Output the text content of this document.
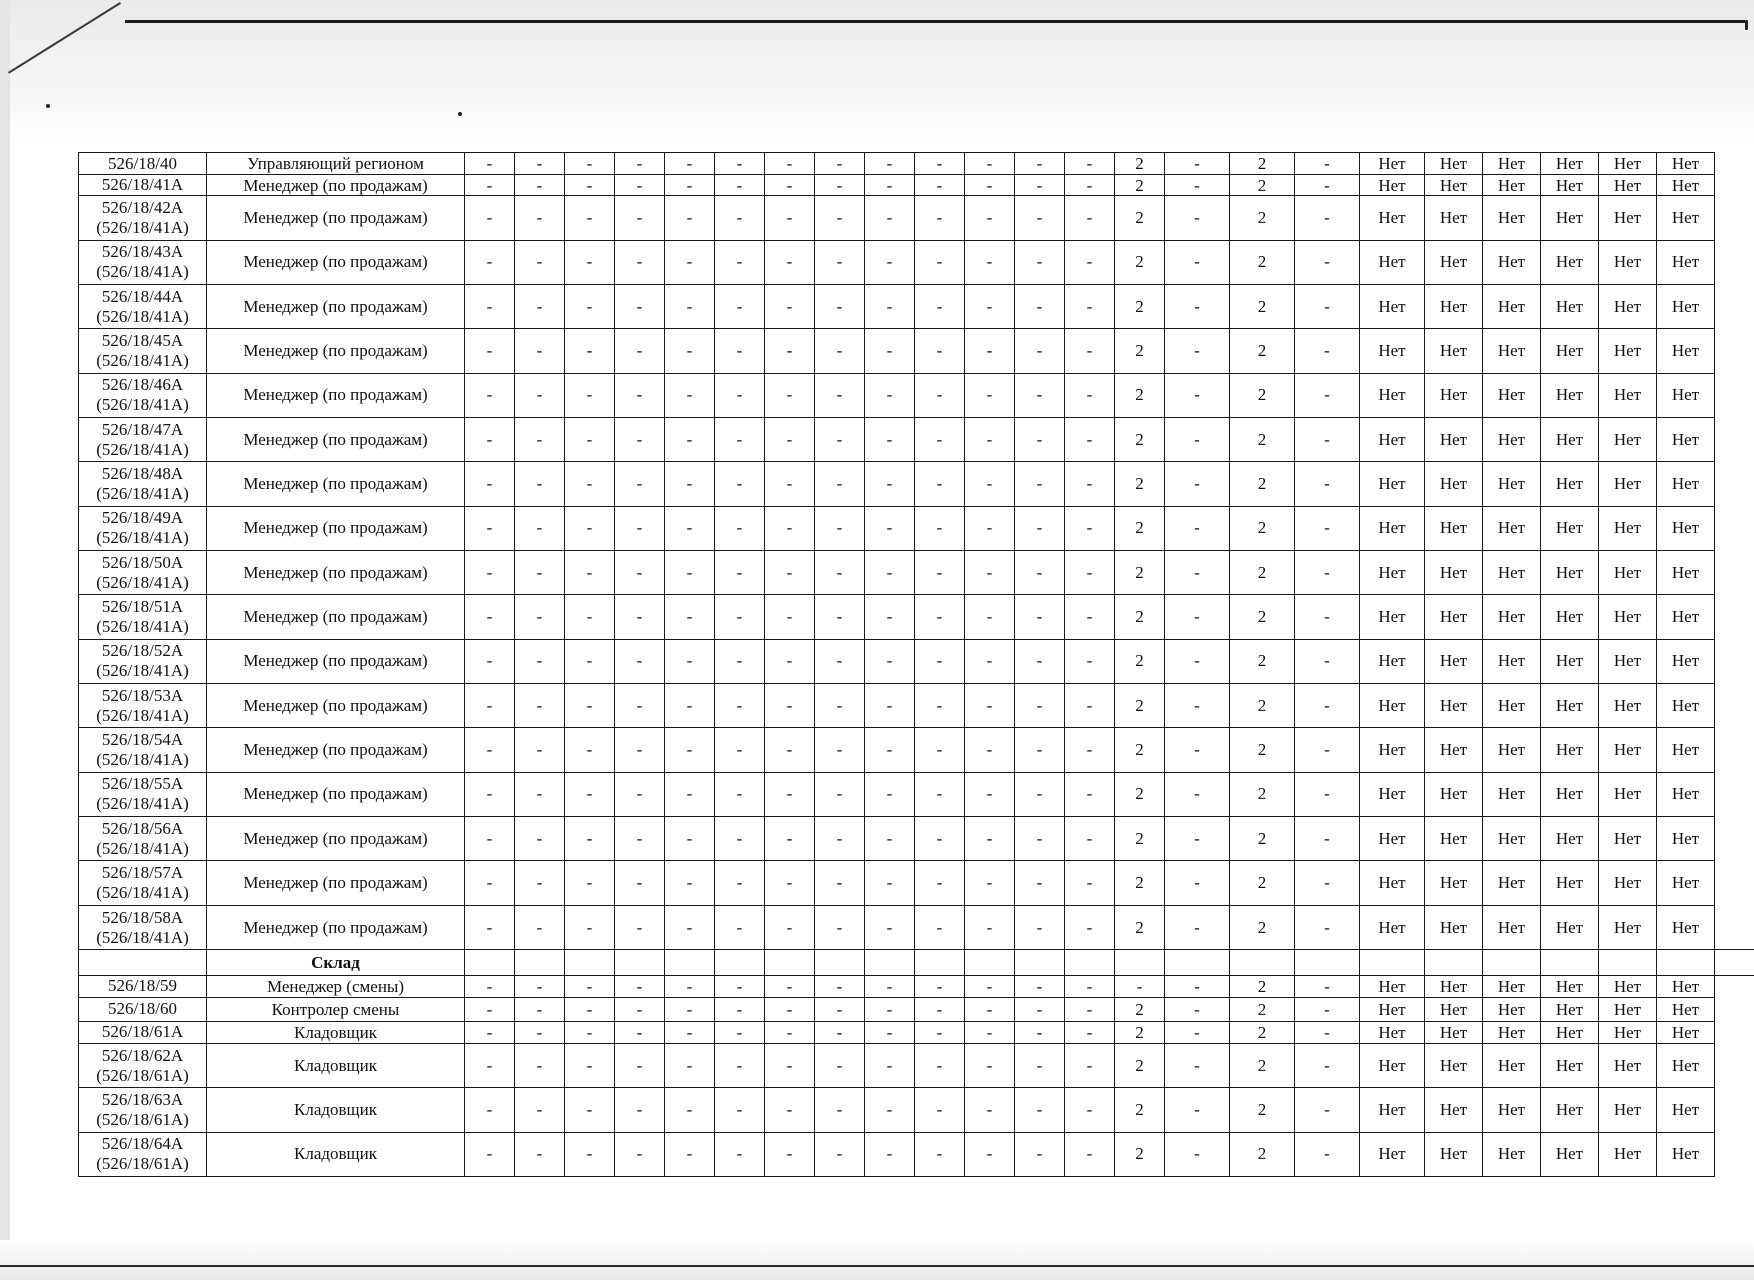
526/18/40	Управляющий регионом	-	-	-	-	-	-	-	-	-	-	-	-	-	2	-	2	-	Нет	Нет	Нет	Нет	Нет	Нет	

526/18/41А	Менеджер (по продажам)	-	-	-	-	-	-	-	-	-	-	-	-	-	2	-	2	-	Нет	Нет	Нет	Нет	Нет	Нет	

526/18/42А
(526/18/41А)	Менеджер (по продажам)	-	-	-	-	-	-	-	-	-	-	-	-	-	2	-	2	-	Нет	Нет	Нет	Нет	Нет	Нет	

526/18/43А
(526/18/41А)	Менеджер (по продажам)	-	-	-	-	-	-	-	-	-	-	-	-	-	2	-	2	-	Нет	Нет	Нет	Нет	Нет	Нет	

526/18/44А
(526/18/41А)	Менеджер (по продажам)	-	-	-	-	-	-	-	-	-	-	-	-	-	2	-	2	-	Нет	Нет	Нет	Нет	Нет	Нет	

526/18/45А
(526/18/41А)	Менеджер (по продажам)	-	-	-	-	-	-	-	-	-	-	-	-	-	2	-	2	-	Нет	Нет	Нет	Нет	Нет	Нет	

526/18/46А
(526/18/41А)	Менеджер (по продажам)	-	-	-	-	-	-	-	-	-	-	-	-	-	2	-	2	-	Нет	Нет	Нет	Нет	Нет	Нет	

526/18/47А
(526/18/41А)	Менеджер (по продажам)	-	-	-	-	-	-	-	-	-	-	-	-	-	2	-	2	-	Нет	Нет	Нет	Нет	Нет	Нет	

526/18/48А
(526/18/41А)	Менеджер (по продажам)	-	-	-	-	-	-	-	-	-	-	-	-	-	2	-	2	-	Нет	Нет	Нет	Нет	Нет	Нет	

526/18/49А
(526/18/41А)	Менеджер (по продажам)	-	-	-	-	-	-	-	-	-	-	-	-	-	2	-	2	-	Нет	Нет	Нет	Нет	Нет	Нет	

526/18/50А
(526/18/41А)	Менеджер (по продажам)	-	-	-	-	-	-	-	-	-	-	-	-	-	2	-	2	-	Нет	Нет	Нет	Нет	Нет	Нет	

526/18/51А
(526/18/41А)	Менеджер (по продажам)	-	-	-	-	-	-	-	-	-	-	-	-	-	2	-	2	-	Нет	Нет	Нет	Нет	Нет	Нет	

526/18/52А
(526/18/41А)	Менеджер (по продажам)	-	-	-	-	-	-	-	-	-	-	-	-	-	2	-	2	-	Нет	Нет	Нет	Нет	Нет	Нет	

526/18/53А
(526/18/41А)	Менеджер (по продажам)	-	-	-	-	-	-	-	-	-	-	-	-	-	2	-	2	-	Нет	Нет	Нет	Нет	Нет	Нет	

526/18/54А
(526/18/41А)	Менеджер (по продажам)	-	-	-	-	-	-	-	-	-	-	-	-	-	2	-	2	-	Нет	Нет	Нет	Нет	Нет	Нет	

526/18/55А
(526/18/41А)	Менеджер (по продажам)	-	-	-	-	-	-	-	-	-	-	-	-	-	2	-	2	-	Нет	Нет	Нет	Нет	Нет	Нет	

526/18/56А
(526/18/41А)	Менеджер (по продажам)	-	-	-	-	-	-	-	-	-	-	-	-	-	2	-	2	-	Нет	Нет	Нет	Нет	Нет	Нет	

526/18/57А
(526/18/41А)	Менеджер (по продажам)	-	-	-	-	-	-	-	-	-	-	-	-	-	2	-	2	-	Нет	Нет	Нет	Нет	Нет	Нет	

526/18/58А
(526/18/41А)	Менеджер (по продажам)	-	-	-	-	-	-	-	-	-	-	-	-	-	2	-	2	-	Нет	Нет	Нет	Нет	Нет	Нет	
	Склад																								

526/18/59	Менеджер (смены)	-	-	-	-	-	-	-	-	-	-	-	-	-	-	-	2	-	Нет	Нет	Нет	Нет	Нет	Нет	

526/18/60	Контролер смены	-	-	-	-	-	-	-	-	-	-	-	-	-	2	-	2	-	Нет	Нет	Нет	Нет	Нет	Нет	

526/18/61А	Кладовщик	-	-	-	-	-	-	-	-	-	-	-	-	-	2	-	2	-	Нет	Нет	Нет	Нет	Нет	Нет	

526/18/62А
(526/18/61А)	Кладовщик	-	-	-	-	-	-	-	-	-	-	-	-	-	2	-	2	-	Нет	Нет	Нет	Нет	Нет	Нет	

526/18/63А
(526/18/61А)	Кладовщик	-	-	-	-	-	-	-	-	-	-	-	-	-	2	-	2	-	Нет	Нет	Нет	Нет	Нет	Нет	

526/18/64А
(526/18/61А)	Кладовщик	-	-	-	-	-	-	-	-	-	-	-	-	-	2	-	2	-	Нет	Нет	Нет	Нет	Нет	Нет	
